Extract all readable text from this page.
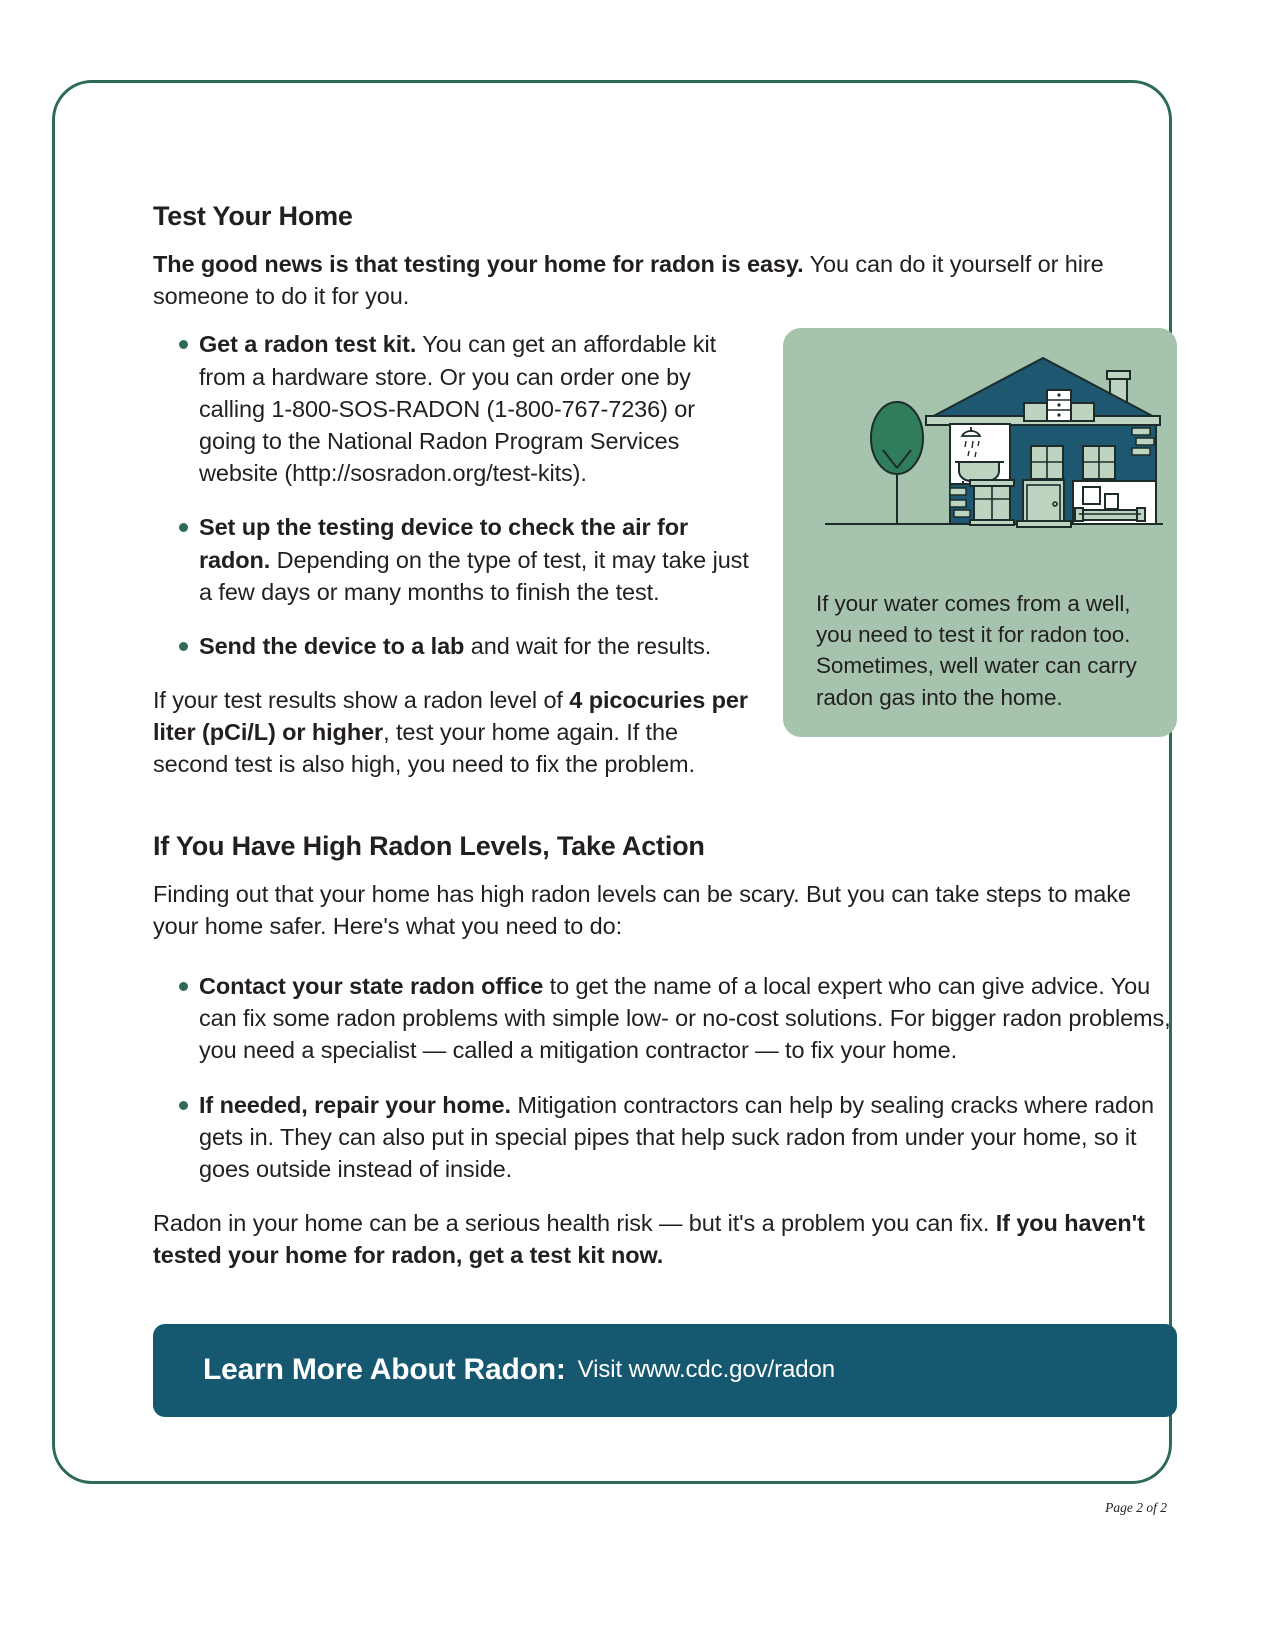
Test Your Home

The good news is that testing your home for radon is easy. You can do it yourself or hire someone to do it for you.

If your water comes from a well, you need to test it for radon too. Sometimes, well water can carry radon gas into the home.
Get a radon test kit. You can get an affordable kit from a hardware store. Or you can order one by calling 1-800-SOS-RADON (1-800-767-7236) or going to the National Radon Program Services website (http://sosradon.org/test-kits).
Set up the testing device to check the air for radon. Depending on the type of test, it may take just a few days or many months to finish the test.
Send the device to a lab and wait for the results.

If your test results show a radon level of 4 picocuries per liter (pCi/L) or higher, test your home again. If the second test is also high, you need to fix the problem.

If You Have High Radon Levels, Take Action

Finding out that your home has high radon levels can be scary. But you can take steps to make your home safer. Here's what you need to do:

Contact your state radon office to get the name of a local expert who can give advice. You can fix some radon problems with simple low- or no-cost solutions. For bigger radon problems, you need a specialist — called a mitigation contractor — to fix your home.
If needed, repair your home. Mitigation contractors can help by sealing cracks where radon gets in. They can also put in special pipes that help suck radon from under your home, so it goes outside instead of inside.

Radon in your home can be a serious health risk — but it's a problem you can fix. If you haven't tested your home for radon, get a test kit now.

Learn More About Radon: Visit www.cdc.gov/radon
Page 2 of 2
